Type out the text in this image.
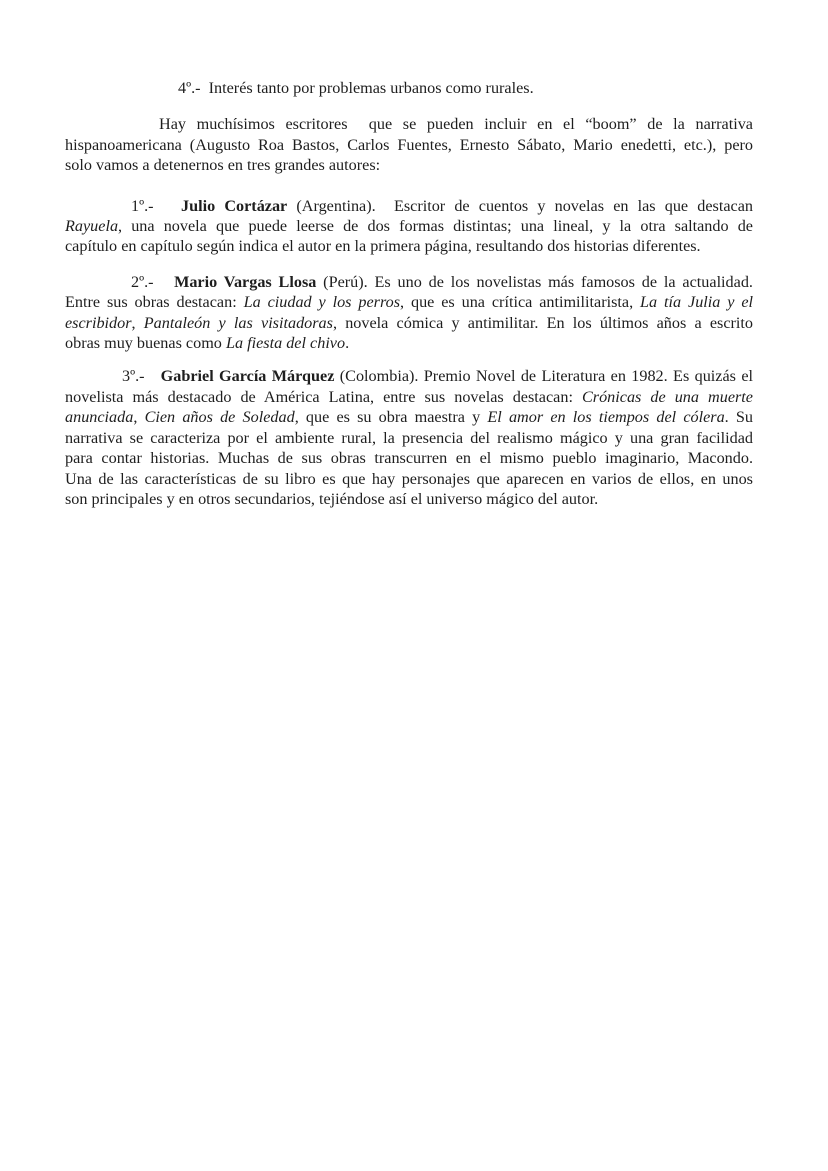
4º.-  Interés tanto por problemas urbanos como rurales.
Hay muchísimos escritores  que se pueden incluir en el “boom” de la narrativa
hispanoamericana (Augusto Roa Bastos, Carlos Fuentes, Ernesto Sábato, Mario enedetti, etc.), pero
solo vamos a detenernos en tres grandes autores:
1º.-   Julio Cortázar (Argentina).  Escritor de cuentos y novelas en las que destacan
Rayuela, una novela que puede leerse de dos formas distintas; una lineal, y la otra saltando de
capítulo en capítulo según indica el autor en la primera página, resultando dos historias diferentes.
2º.-   Mario Vargas Llosa (Perú). Es uno de los novelistas más famosos de la actualidad.
Entre sus obras destacan: La ciudad y los perros, que es una crítica antimilitarista, La tía Julia y el
escribidor, Pantaleón y las visitadoras, novela cómica y antimilitar. En los últimos años a escrito
obras muy buenas como La fiesta del chivo.
3º.-   Gabriel García Márquez (Colombia). Premio Novel de Literatura en 1982. Es quizás el
novelista más destacado de América Latina, entre sus novelas destacan: Crónicas de una muerte
anunciada, Cien años de Soledad, que es su obra maestra y El amor en los tiempos del cólera. Su
narrativa se caracteriza por el ambiente rural, la presencia del realismo mágico y una gran facilidad
para contar historias. Muchas de sus obras transcurren en el mismo pueblo imaginario, Macondo.
Una de las características de su libro es que hay personajes que aparecen en varios de ellos, en unos
son principales y en otros secundarios, tejiéndose así el universo mágico del autor.
